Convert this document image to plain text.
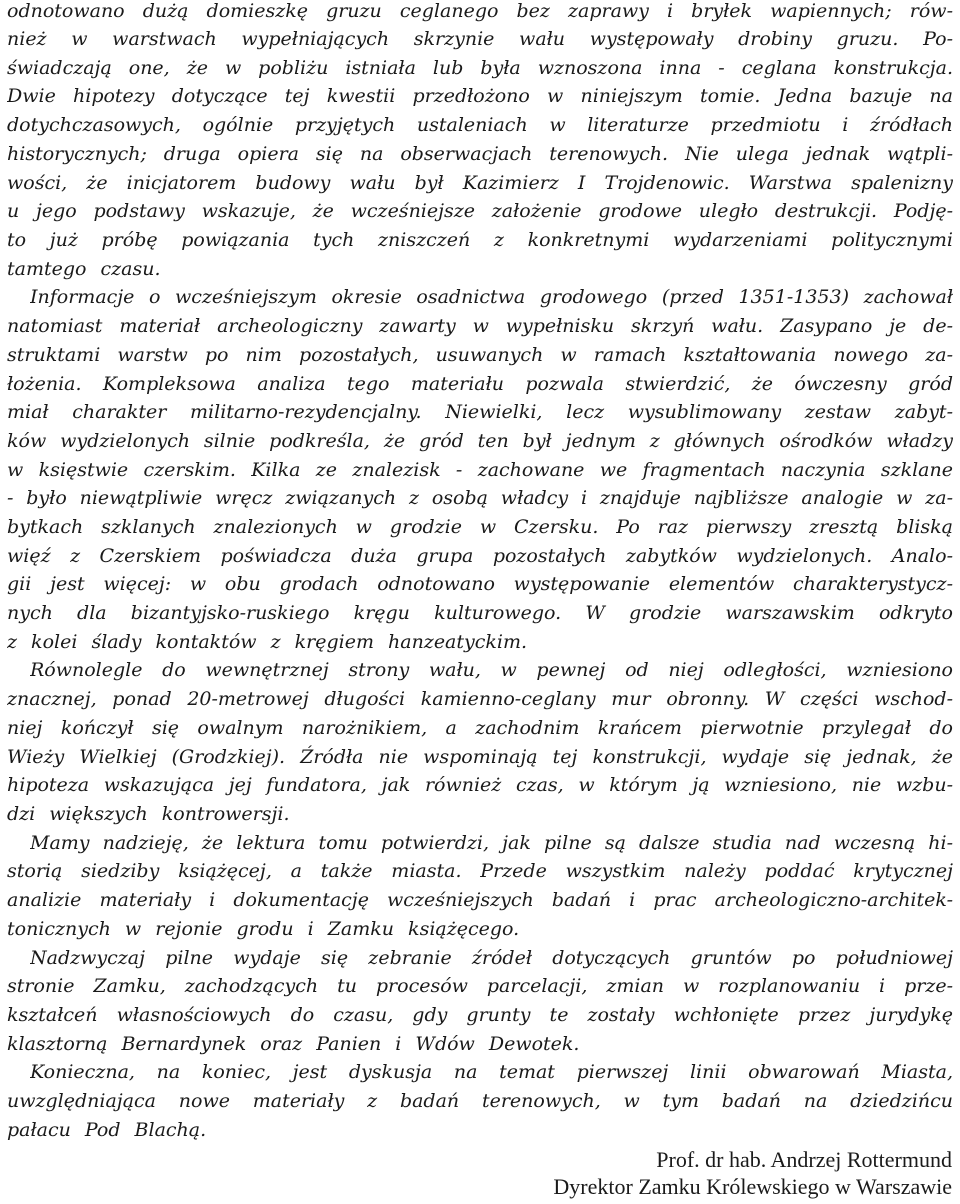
odnotowano dużą domieszkę gruzu ceglanego bez zaprawy i bryłek wapiennych; rów-
nież w warstwach wypełniających skrzynie wału występowały drobiny gruzu. Po-
świadczają one, że w pobliżu istniała lub była wznoszona inna - ceglana konstrukcja.
Dwie hipotezy dotyczące tej kwestii przedłożono w niniejszym tomie. Jedna bazuje na
dotychczasowych, ogólnie przyjętych ustaleniach w literaturze przedmiotu i źródłach
historycznych; druga opiera się na obserwacjach terenowych. Nie ulega jednak wątpli-
wości, że inicjatorem budowy wału był Kazimierz I Trojdenowic. Warstwa spalenizny
u jego podstawy wskazuje, że wcześniejsze założenie grodowe uległo destrukcji. Podję-
to już próbę powiązania tych zniszczeń z konkretnymi wydarzeniami politycznymi
tamtego czasu.
Informacje o wcześniejszym okresie osadnictwa grodowego (przed 1351-1353) zachował
natomiast materiał archeologiczny zawarty w wypełnisku skrzyń wału. Zasypano je de-
struktami warstw po nim pozostałych, usuwanych w ramach kształtowania nowego za-
łożenia. Kompleksowa analiza tego materiału pozwala stwierdzić, że ówczesny gród
miał charakter militarno-rezydencjalny. Niewielki, lecz wysublimowany zestaw zabyt-
ków wydzielonych silnie podkreśla, że gród ten był jednym z głównych ośrodków władzy
w księstwie czerskim. Kilka ze znalezisk - zachowane we fragmentach naczynia szklane
- było niewątpliwie wręcz związanych z osobą władcy i znajduje najbliższe analogie w za-
bytkach szklanych znalezionych w grodzie w Czersku. Po raz pierwszy zresztą bliską
więź z Czerskiem poświadcza duża grupa pozostałych zabytków wydzielonych. Analo-
gii jest więcej: w obu grodach odnotowano występowanie elementów charakterystycz-
nych dla bizantyjsko-ruskiego kręgu kulturowego. W grodzie warszawskim odkryto
z kolei ślady kontaktów z kręgiem hanzeatyckim.
Równolegle do wewnętrznej strony wału, w pewnej od niej odległości, wzniesiono
znacznej, ponad 20-metrowej długości kamienno-ceglany mur obronny. W części wschod-
niej kończył się owalnym narożnikiem, a zachodnim krańcem pierwotnie przylegał do
Wieży Wielkiej (Grodzkiej). Źródła nie wspominają tej konstrukcji, wydaje się jednak, że
hipoteza wskazująca jej fundatora, jak również czas, w którym ją wzniesiono, nie wzbu-
dzi większych kontrowersji.
Mamy nadzieję, że lektura tomu potwierdzi, jak pilne są dalsze studia nad wczesną hi-
storią siedziby książęcej, a także miasta. Przede wszystkim należy poddać krytycznej
analizie materiały i dokumentację wcześniejszych badań i prac archeologiczno-architek-
tonicznych w rejonie grodu i Zamku książęcego.
Nadzwyczaj pilne wydaje się zebranie źródeł dotyczących gruntów po południowej
stronie Zamku, zachodzących tu procesów parcelacji, zmian w rozplanowaniu i prze-
kształceń własnościowych do czasu, gdy grunty te zostały wchłonięte przez jurydykę
klasztorną Bernardynek oraz Panien i Wdów Dewotek.
Konieczna, na koniec, jest dyskusja na temat pierwszej linii obwarowań Miasta,
uwzględniająca nowe materiały z badań terenowych, w tym badań na dziedzińcu
pałacu Pod Blachą.
Prof. dr hab. Andrzej Rottermund
Dyrektor Zamku Królewskiego w Warszawie
